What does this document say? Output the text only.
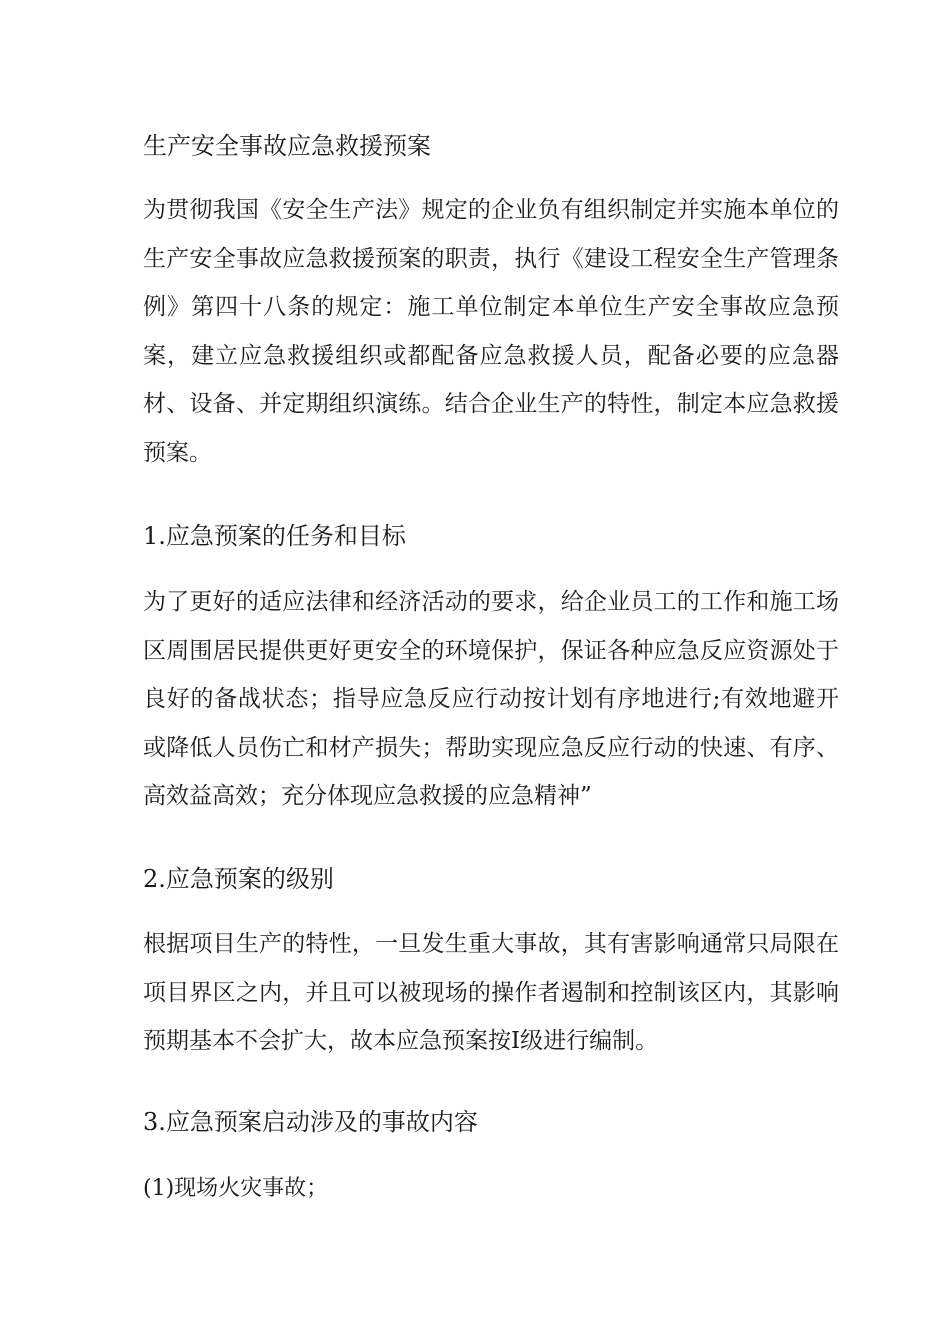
生产安全事故应急救援预案

为贯彻我国《安全生产法》规定的企业负有组织制定并实施本单位的生产安全事故应急救援预案的职责，执行《建设工程安全生产管理条例》第四十八条的规定：施工单位制定本单位生产安全事故应急预案，建立应急救援组织或都配备应急救援人员，配备必要的应急器材、设备、并定期组织演练。结合企业生产的特性，制定本应急救援预案。

1.应急预案的任务和目标

为了更好的适应法律和经济活动的要求，给企业员工的工作和施工场区周围居民提供更好更安全的环境保护，保证各种应急反应资源处于良好的备战状态；指导应急反应行动按计划有序地进行;有效地避开或降低人员伤亡和材产损失；帮助实现应急反应行动的快速、有序、高效益高效；充分体现应急救援的应急精神”

2.应急预案的级别

根据项目生产的特性，一旦发生重大事故，其有害影响通常只局限在项目界区之内，并且可以被现场的操作者遏制和控制该区内，其影响预期基本不会扩大，故本应急预案按Ⅰ级进行编制。

3.应急预案启动涉及的事故内容
(1)现场火灾事故；
